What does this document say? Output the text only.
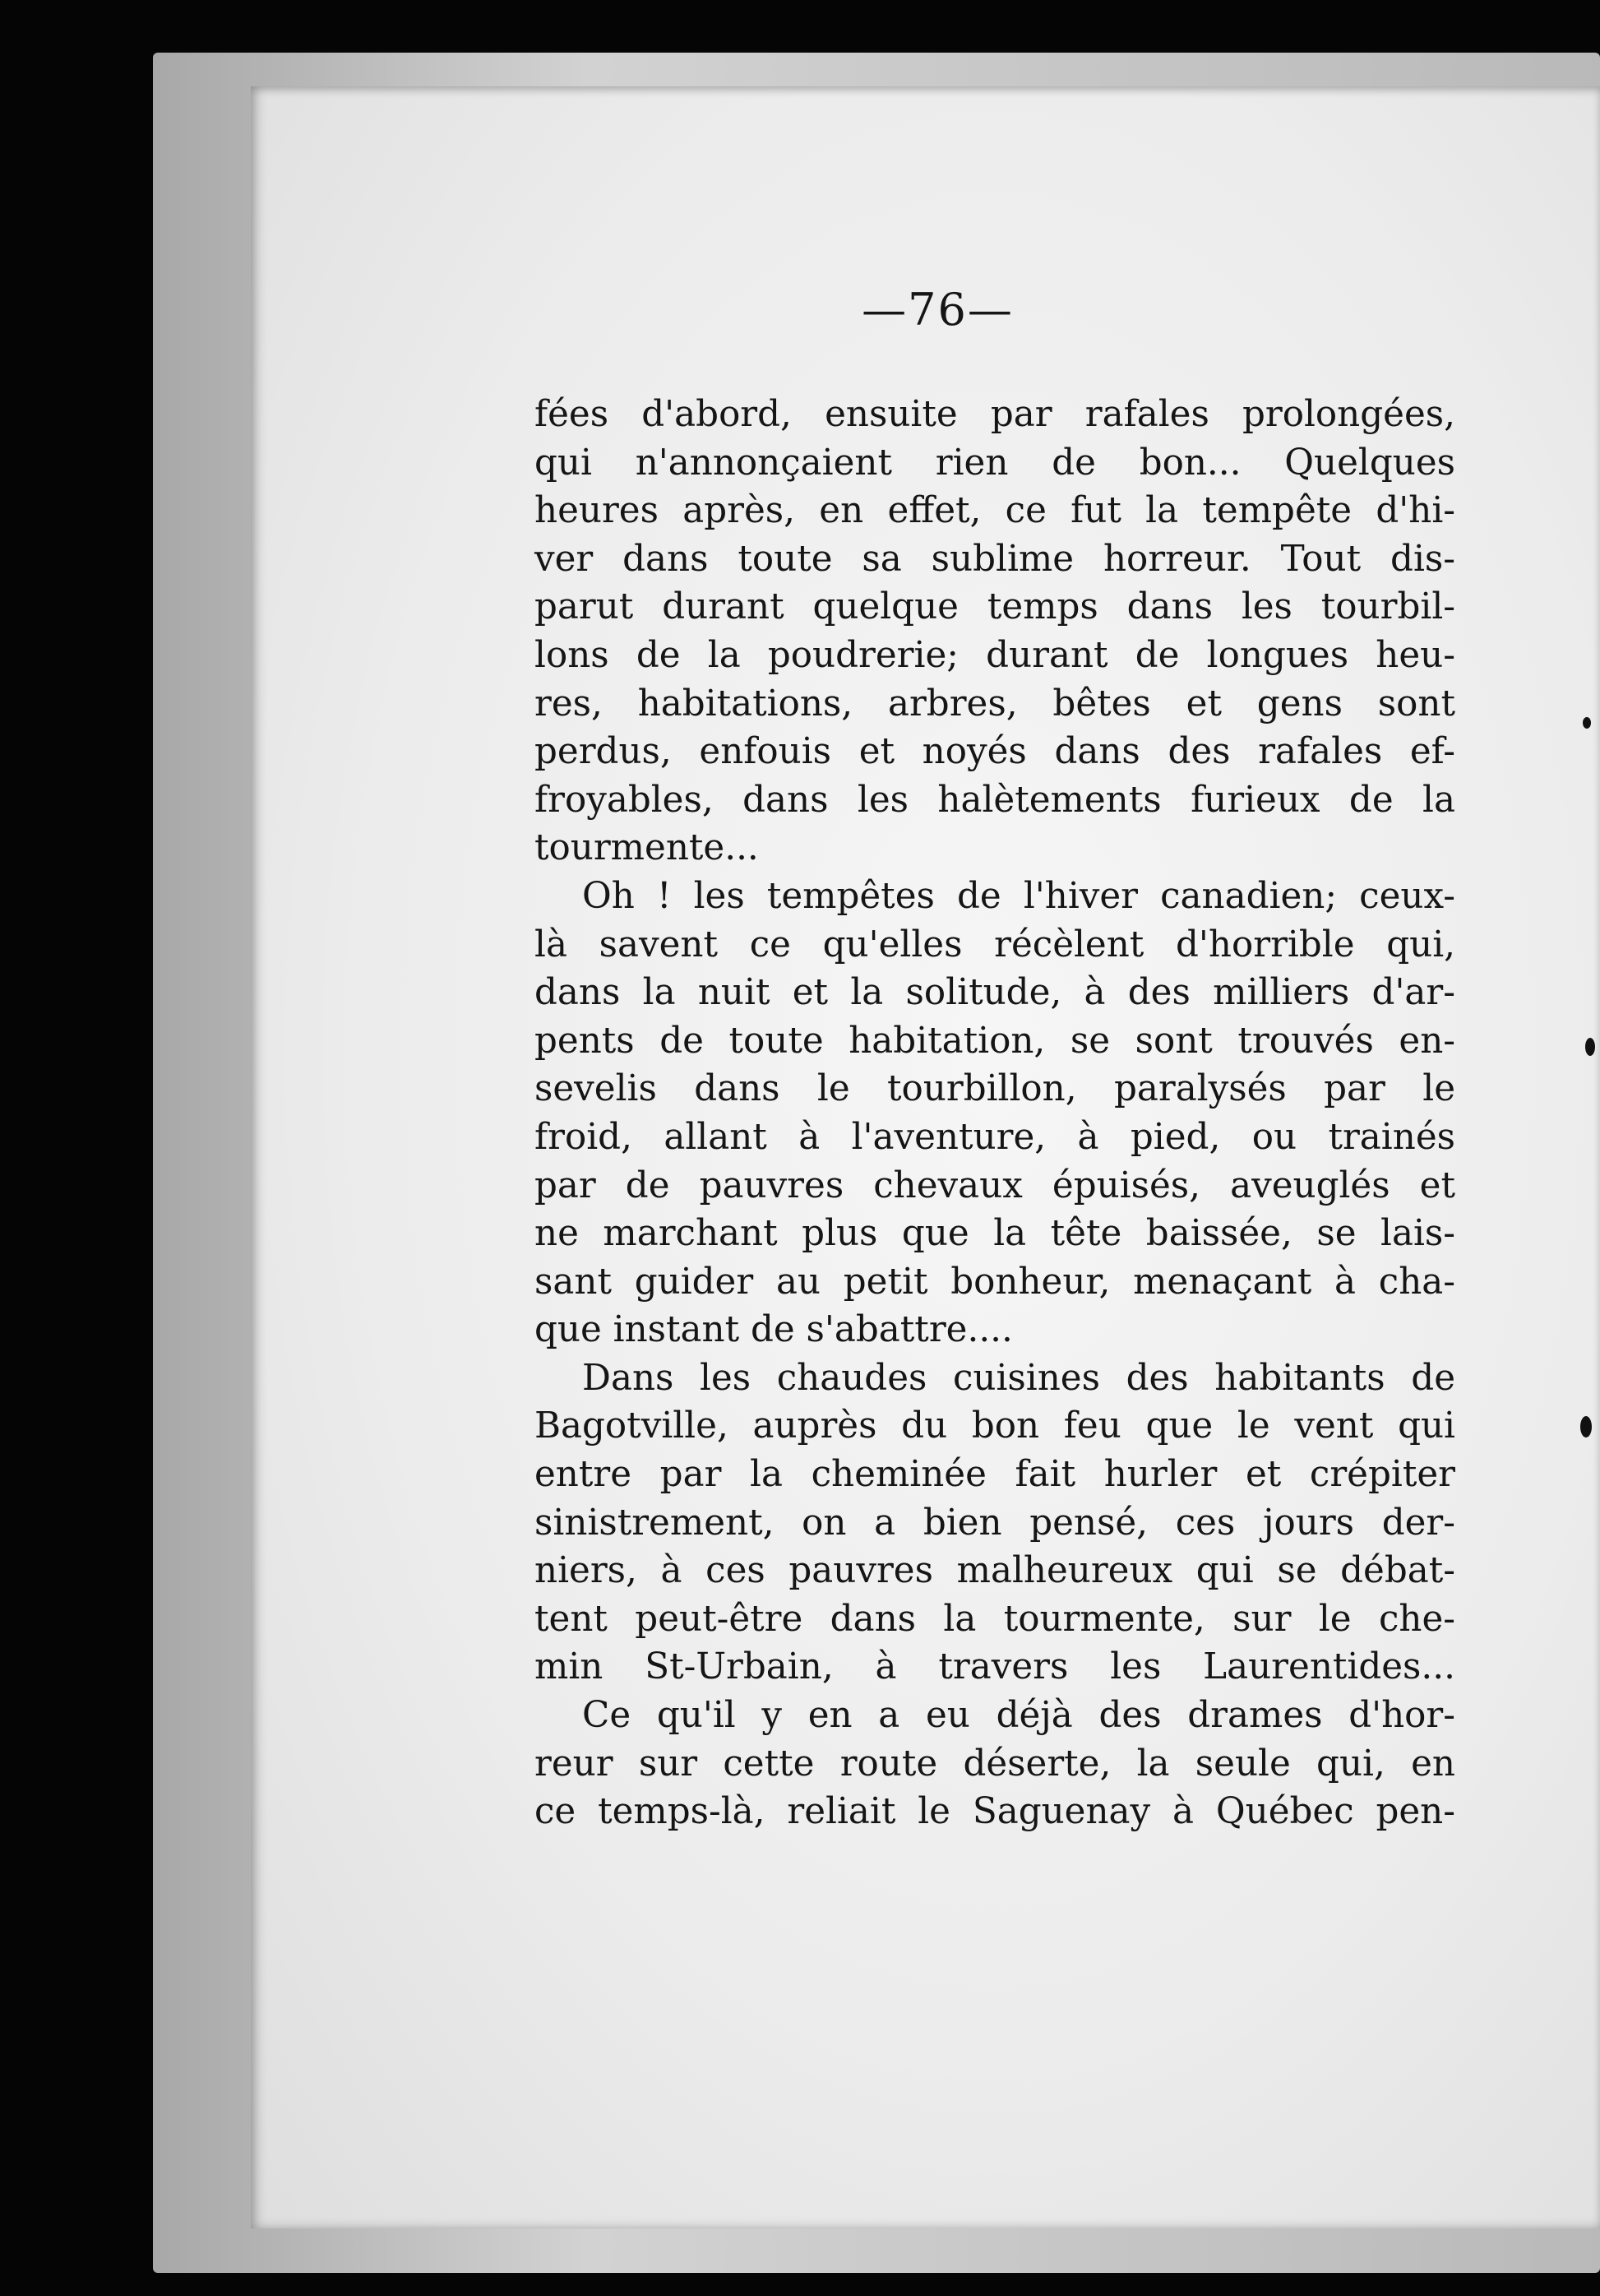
—76—
fées d'abord, ensuite par rafales prolongées,
qui n'annonçaient rien de bon... Quelques
heures après, en effet, ce fut la tempête d'hi-
ver dans toute sa sublime horreur. Tout dis-
parut durant quelque temps dans les tourbil-
lons de la poudrerie; durant de longues heu-
res, habitations, arbres, bêtes et gens sont
perdus, enfouis et noyés dans des rafales ef-
froyables, dans les halètements furieux de la
tourmente...
Oh ! les tempêtes de l'hiver canadien; ceux-
là savent ce qu'elles récèlent d'horrible qui,
dans la nuit et la solitude, à des milliers d'ar-
pents de toute habitation, se sont trouvés en-
sevelis dans le tourbillon, paralysés par le
froid, allant à l'aventure, à pied, ou trainés
par de pauvres chevaux épuisés, aveuglés et
ne marchant plus que la tête baissée, se lais-
sant guider au petit bonheur, menaçant à cha-
que instant de s'abattre....
Dans les chaudes cuisines des habitants de
Bagotville, auprès du bon feu que le vent qui
entre par la cheminée fait hurler et crépiter
sinistrement, on a bien pensé, ces jours der-
niers, à ces pauvres malheureux qui se débat-
tent peut-être dans la tourmente, sur le che-
min St-Urbain, à travers les Laurentides...
Ce qu'il y en a eu déjà des drames d'hor-
reur sur cette route déserte, la seule qui, en
ce temps-là, reliait le Saguenay à Québec pen-
